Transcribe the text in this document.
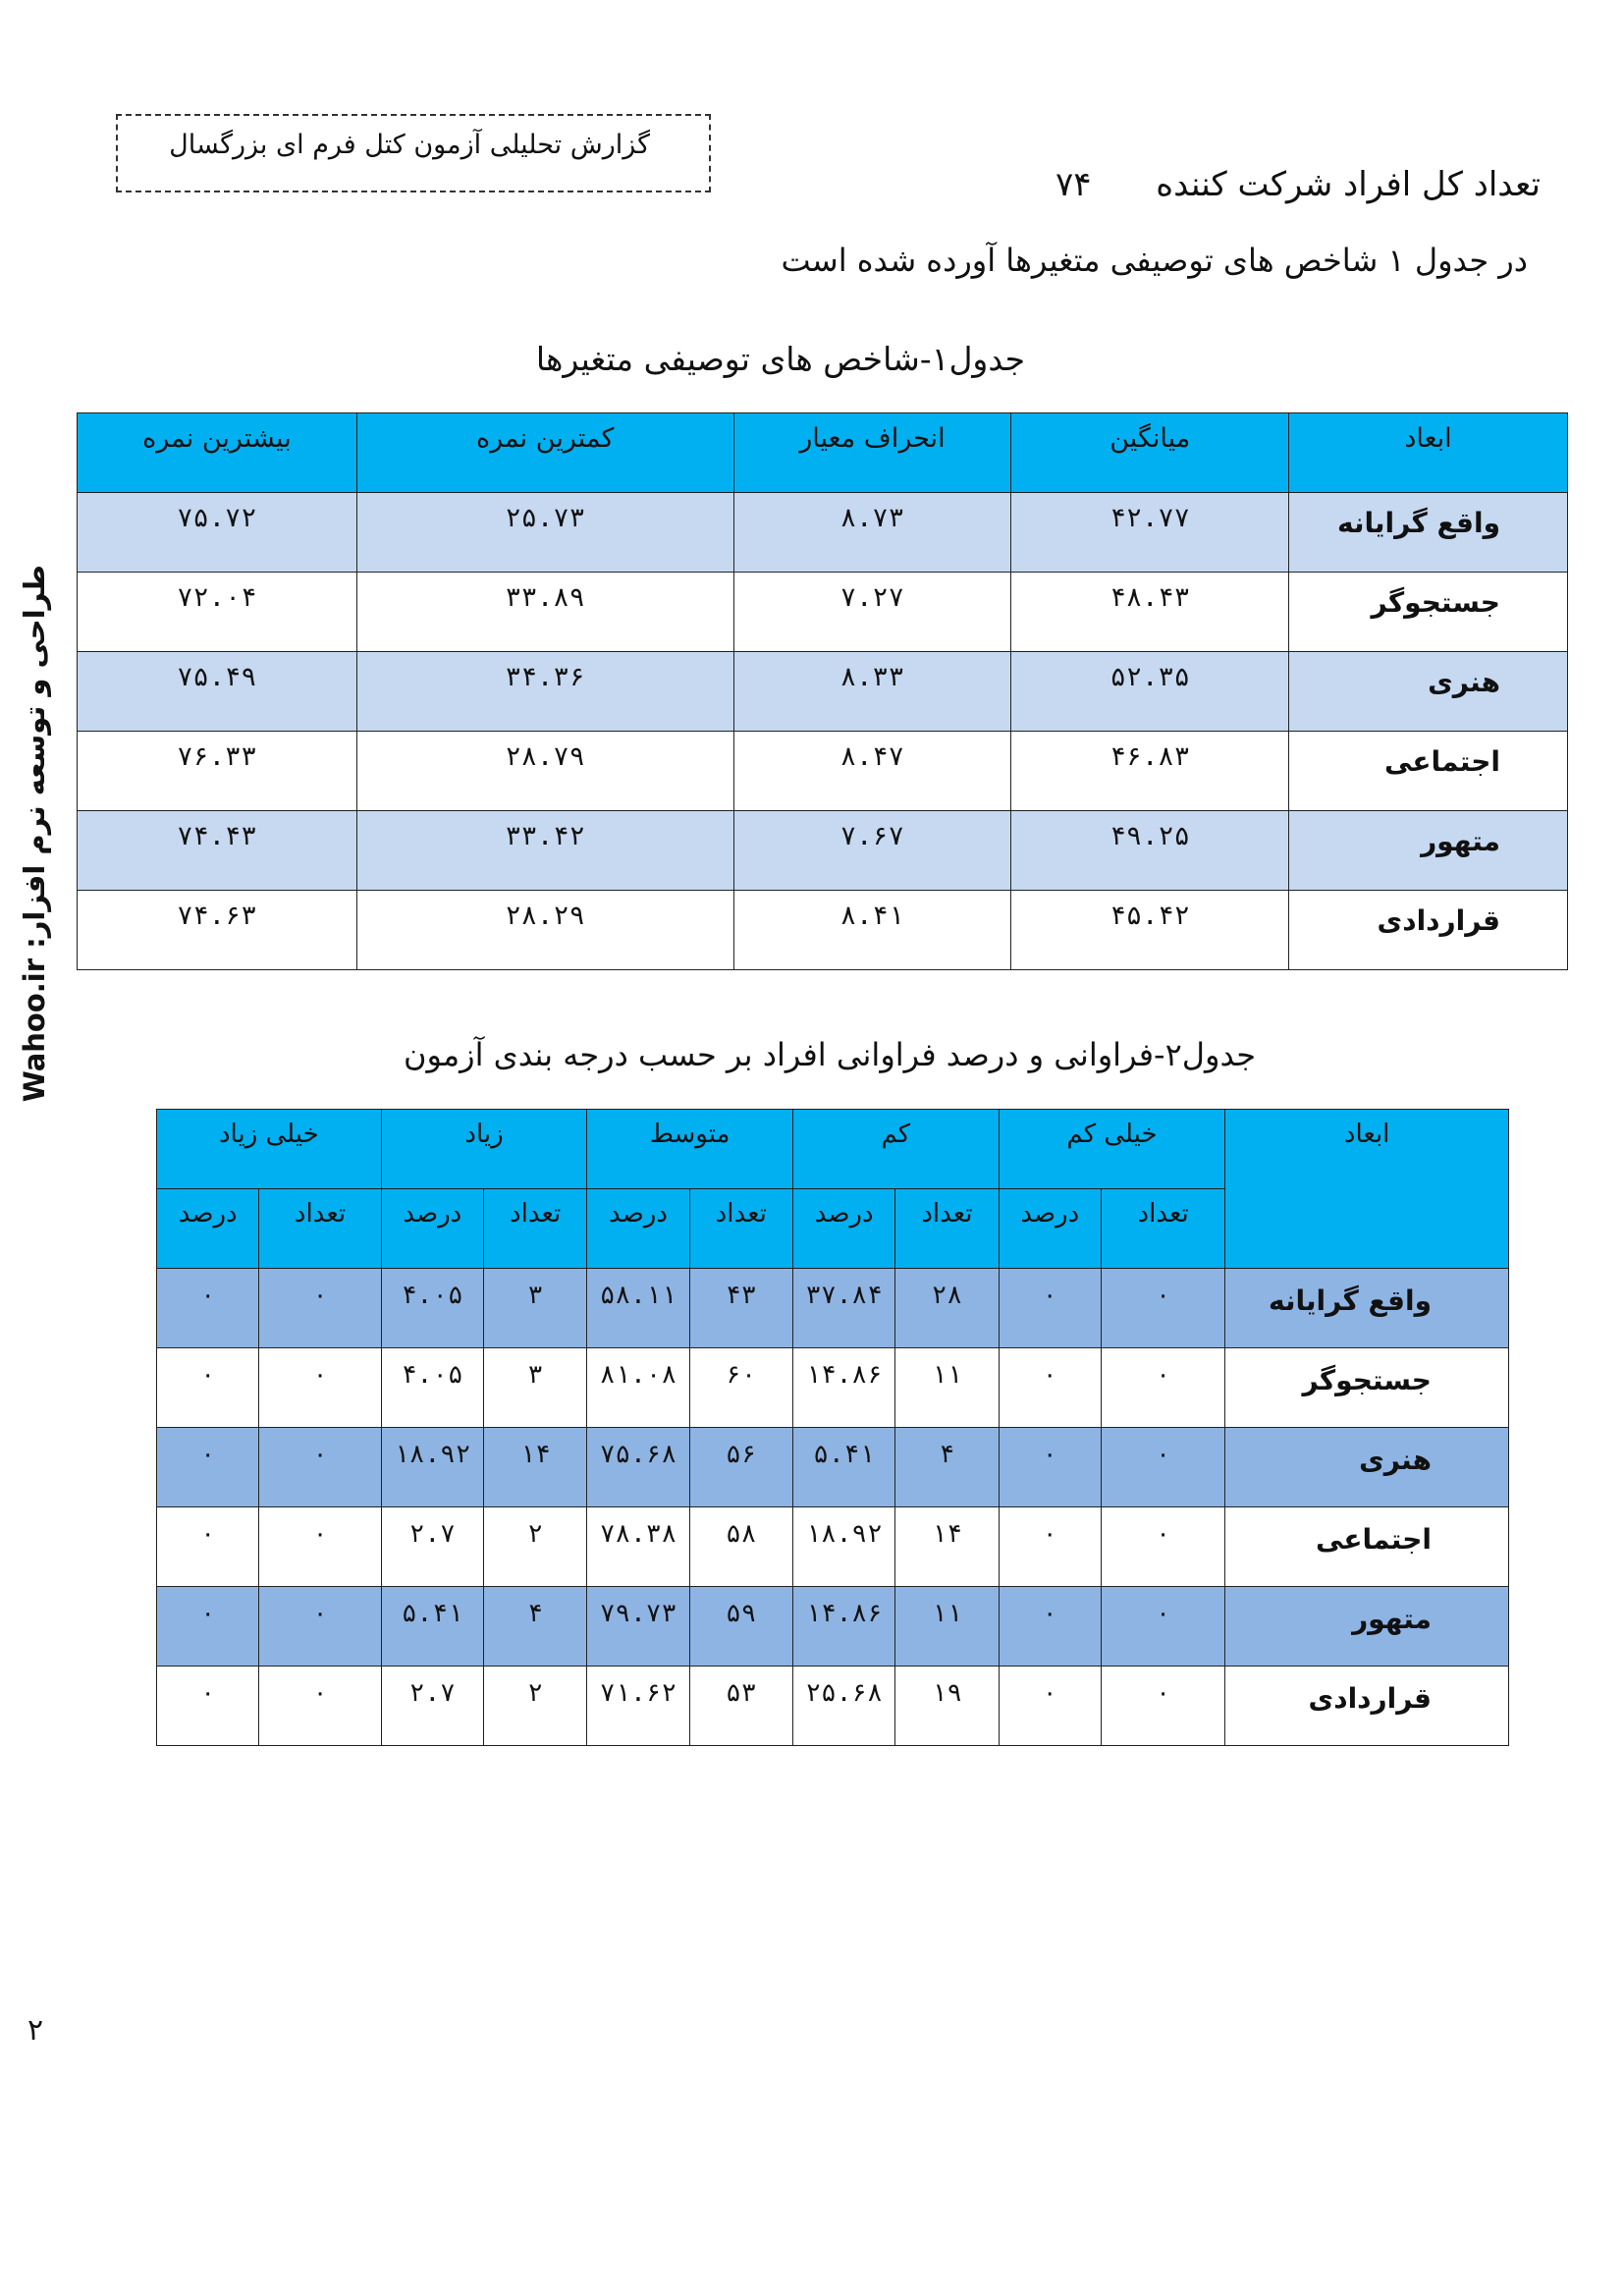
گزارش تحلیلی آزمون کتل فرم ای بزرگسال
تعداد کل افراد شرکت کننده ۷۴
در جدول ۱ شاخص های توصیفی متغیرها آورده شده است
جدول۱-شاخص های توصیفی متغیرها
ابعاد	میانگین	انحراف معیار	کمترین نمره	بیشترین نمره
واقع گرایانه	۴۲.۷۷	۸.۷۳	۲۵.۷۳	۷۵.۷۲
جستجوگر	۴۸.۴۳	۷.۲۷	۳۳.۸۹	۷۲.۰۴
هنری	۵۲.۳۵	۸.۳۳	۳۴.۳۶	۷۵.۴۹
اجتماعی	۴۶.۸۳	۸.۴۷	۲۸.۷۹	۷۶.۳۳
متهور	۴۹.۲۵	۷.۶۷	۳۳.۴۲	۷۴.۴۳
قراردادی	۴۵.۴۲	۸.۴۱	۲۸.۲۹	۷۴.۶۳
جدول۲-فراوانی و درصد فراوانی افراد بر حسب درجه بندی آزمون
ابعاد	خیلی کم		کم		متوسط		زیاد		خیلی زیاد	
	تعداد	درصد	تعداد	درصد	تعداد	درصد	تعداد	درصد	تعداد	درصد
واقع گرایانه	۰	۰	۲۸	۳۷.۸۴	۴۳	۵۸.۱۱	۳	۴.۰۵	۰	۰
جستجوگر	۰	۰	۱۱	۱۴.۸۶	۶۰	۸۱.۰۸	۳	۴.۰۵	۰	۰
هنری	۰	۰	۴	۵.۴۱	۵۶	۷۵.۶۸	۱۴	۱۸.۹۲	۰	۰
اجتماعی	۰	۰	۱۴	۱۸.۹۲	۵۸	۷۸.۳۸	۲	۲.۷	۰	۰
متهور	۰	۰	۱۱	۱۴.۸۶	۵۹	۷۹.۷۳	۴	۵.۴۱	۰	۰
قراردادی	۰	۰	۱۹	۲۵.۶۸	۵۳	۷۱.۶۲	۲	۲.۷	۰	۰
طراحی و توسعه نرم افزار: Wahoo.ir
۲
